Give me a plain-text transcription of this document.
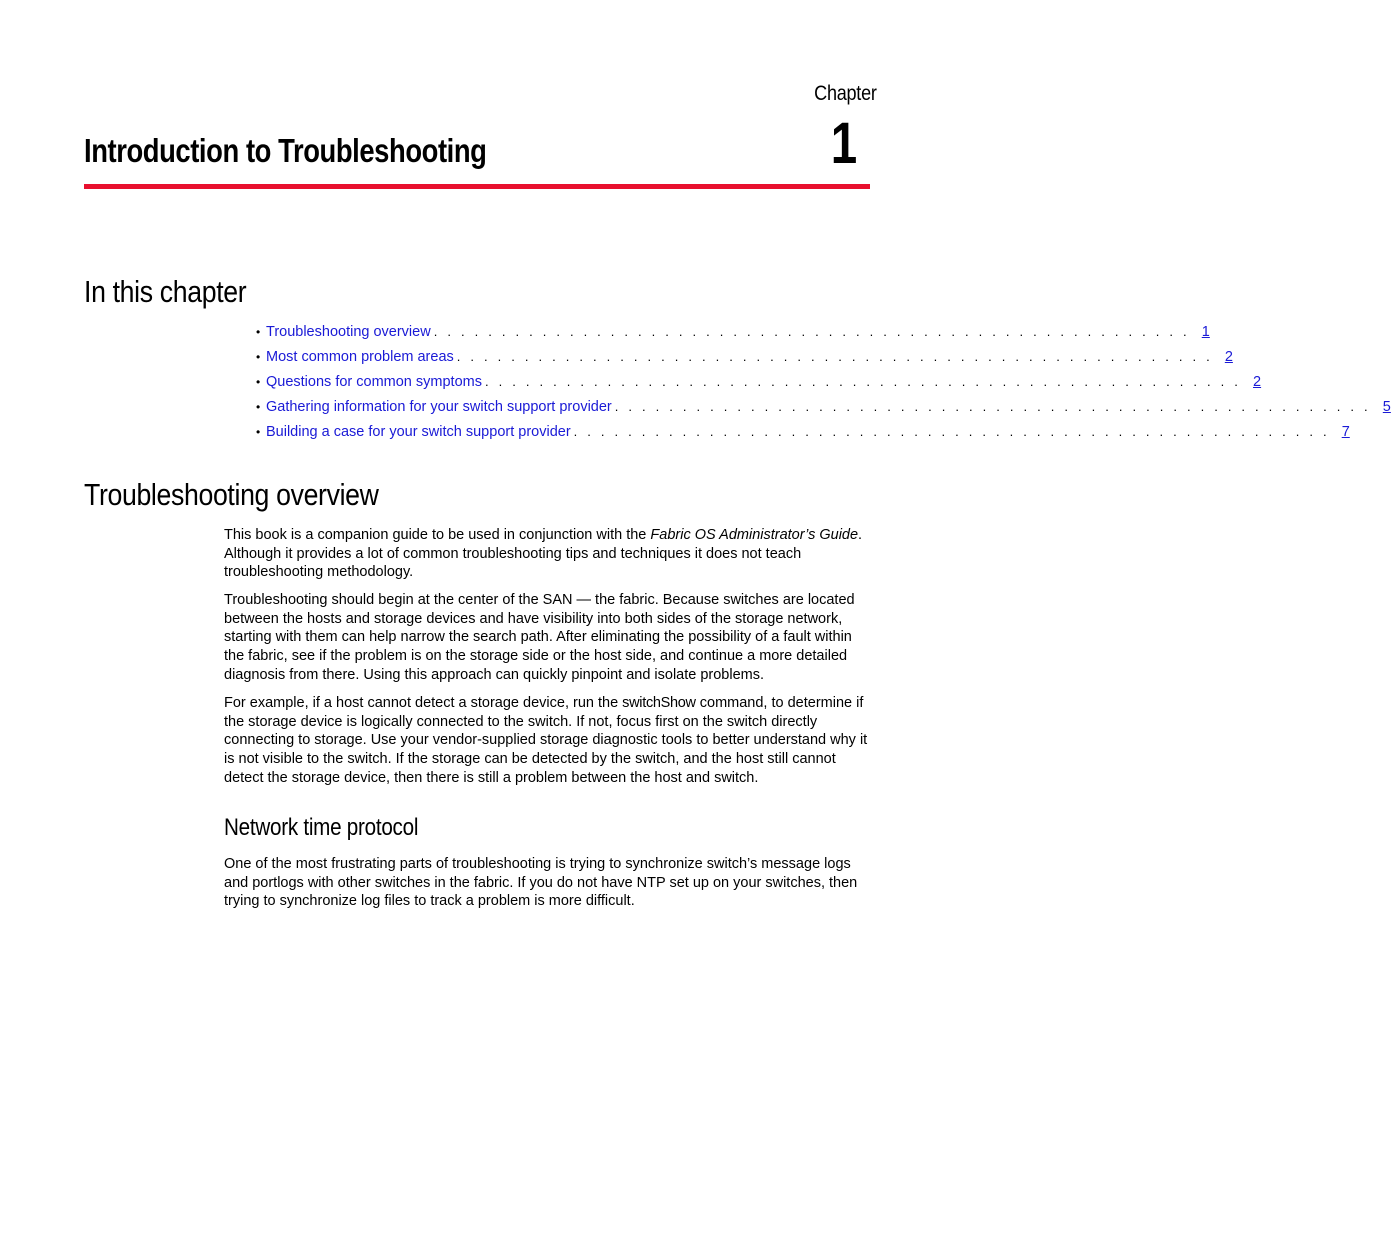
Chapter
1
Introduction to Troubleshooting
In this chapter
• Troubleshooting overview . . . . . . . . . . . . . . . . . . . . . . . . . . . . . . . . . . . . . . . . . . . . . . . . . . . . . . . . 1
• Most common problem areas . . . . . . . . . . . . . . . . . . . . . . . . . . . . . . . . . . . . . . . . . . . . . . . . . . . . . . . . 2
• Questions for common symptoms . . . . . . . . . . . . . . . . . . . . . . . . . . . . . . . . . . . . . . . . . . . . . . . . . . . . . . . . 2
• Gathering information for your switch support provider . . . . . . . . . . . . . . . . . . . . . . . . . . . . . . . . . . . . . . . . . . . . . . . . . . . . . . . . 5
• Building a case for your switch support provider . . . . . . . . . . . . . . . . . . . . . . . . . . . . . . . . . . . . . . . . . . . . . . . . . . . . . . . . 7
Troubleshooting overview

This book is a companion guide to be used in conjunction with the Fabric OS Administrator’s Guide. Although it provides a lot of common troubleshooting tips and techniques it does not teach troubleshooting methodology.

Troubleshooting should begin at the center of the SAN — the fabric. Because switches are located between the hosts and storage devices and have visibility into both sides of the storage network, starting with them can help narrow the search path. After eliminating the possibility of a fault within the fabric, see if the problem is on the storage side or the host side, and continue a more detailed diagnosis from there. Using this approach can quickly pinpoint and isolate problems.

For example, if a host cannot detect a storage device, run the switchShow command, to determine if the storage device is logically connected to the switch. If not, focus first on the switch directly connecting to storage. Use your vendor-supplied storage diagnostic tools to better understand why it is not visible to the switch. If the storage can be detected by the switch, and the host still cannot detect the storage device, then there is still a problem between the host and switch.

Network time protocol

One of the most frustrating parts of troubleshooting is trying to synchronize switch’s message logs and portlogs with other switches in the fabric. If you do not have NTP set up on your switches, then trying to synchronize log files to track a problem is more difficult.
